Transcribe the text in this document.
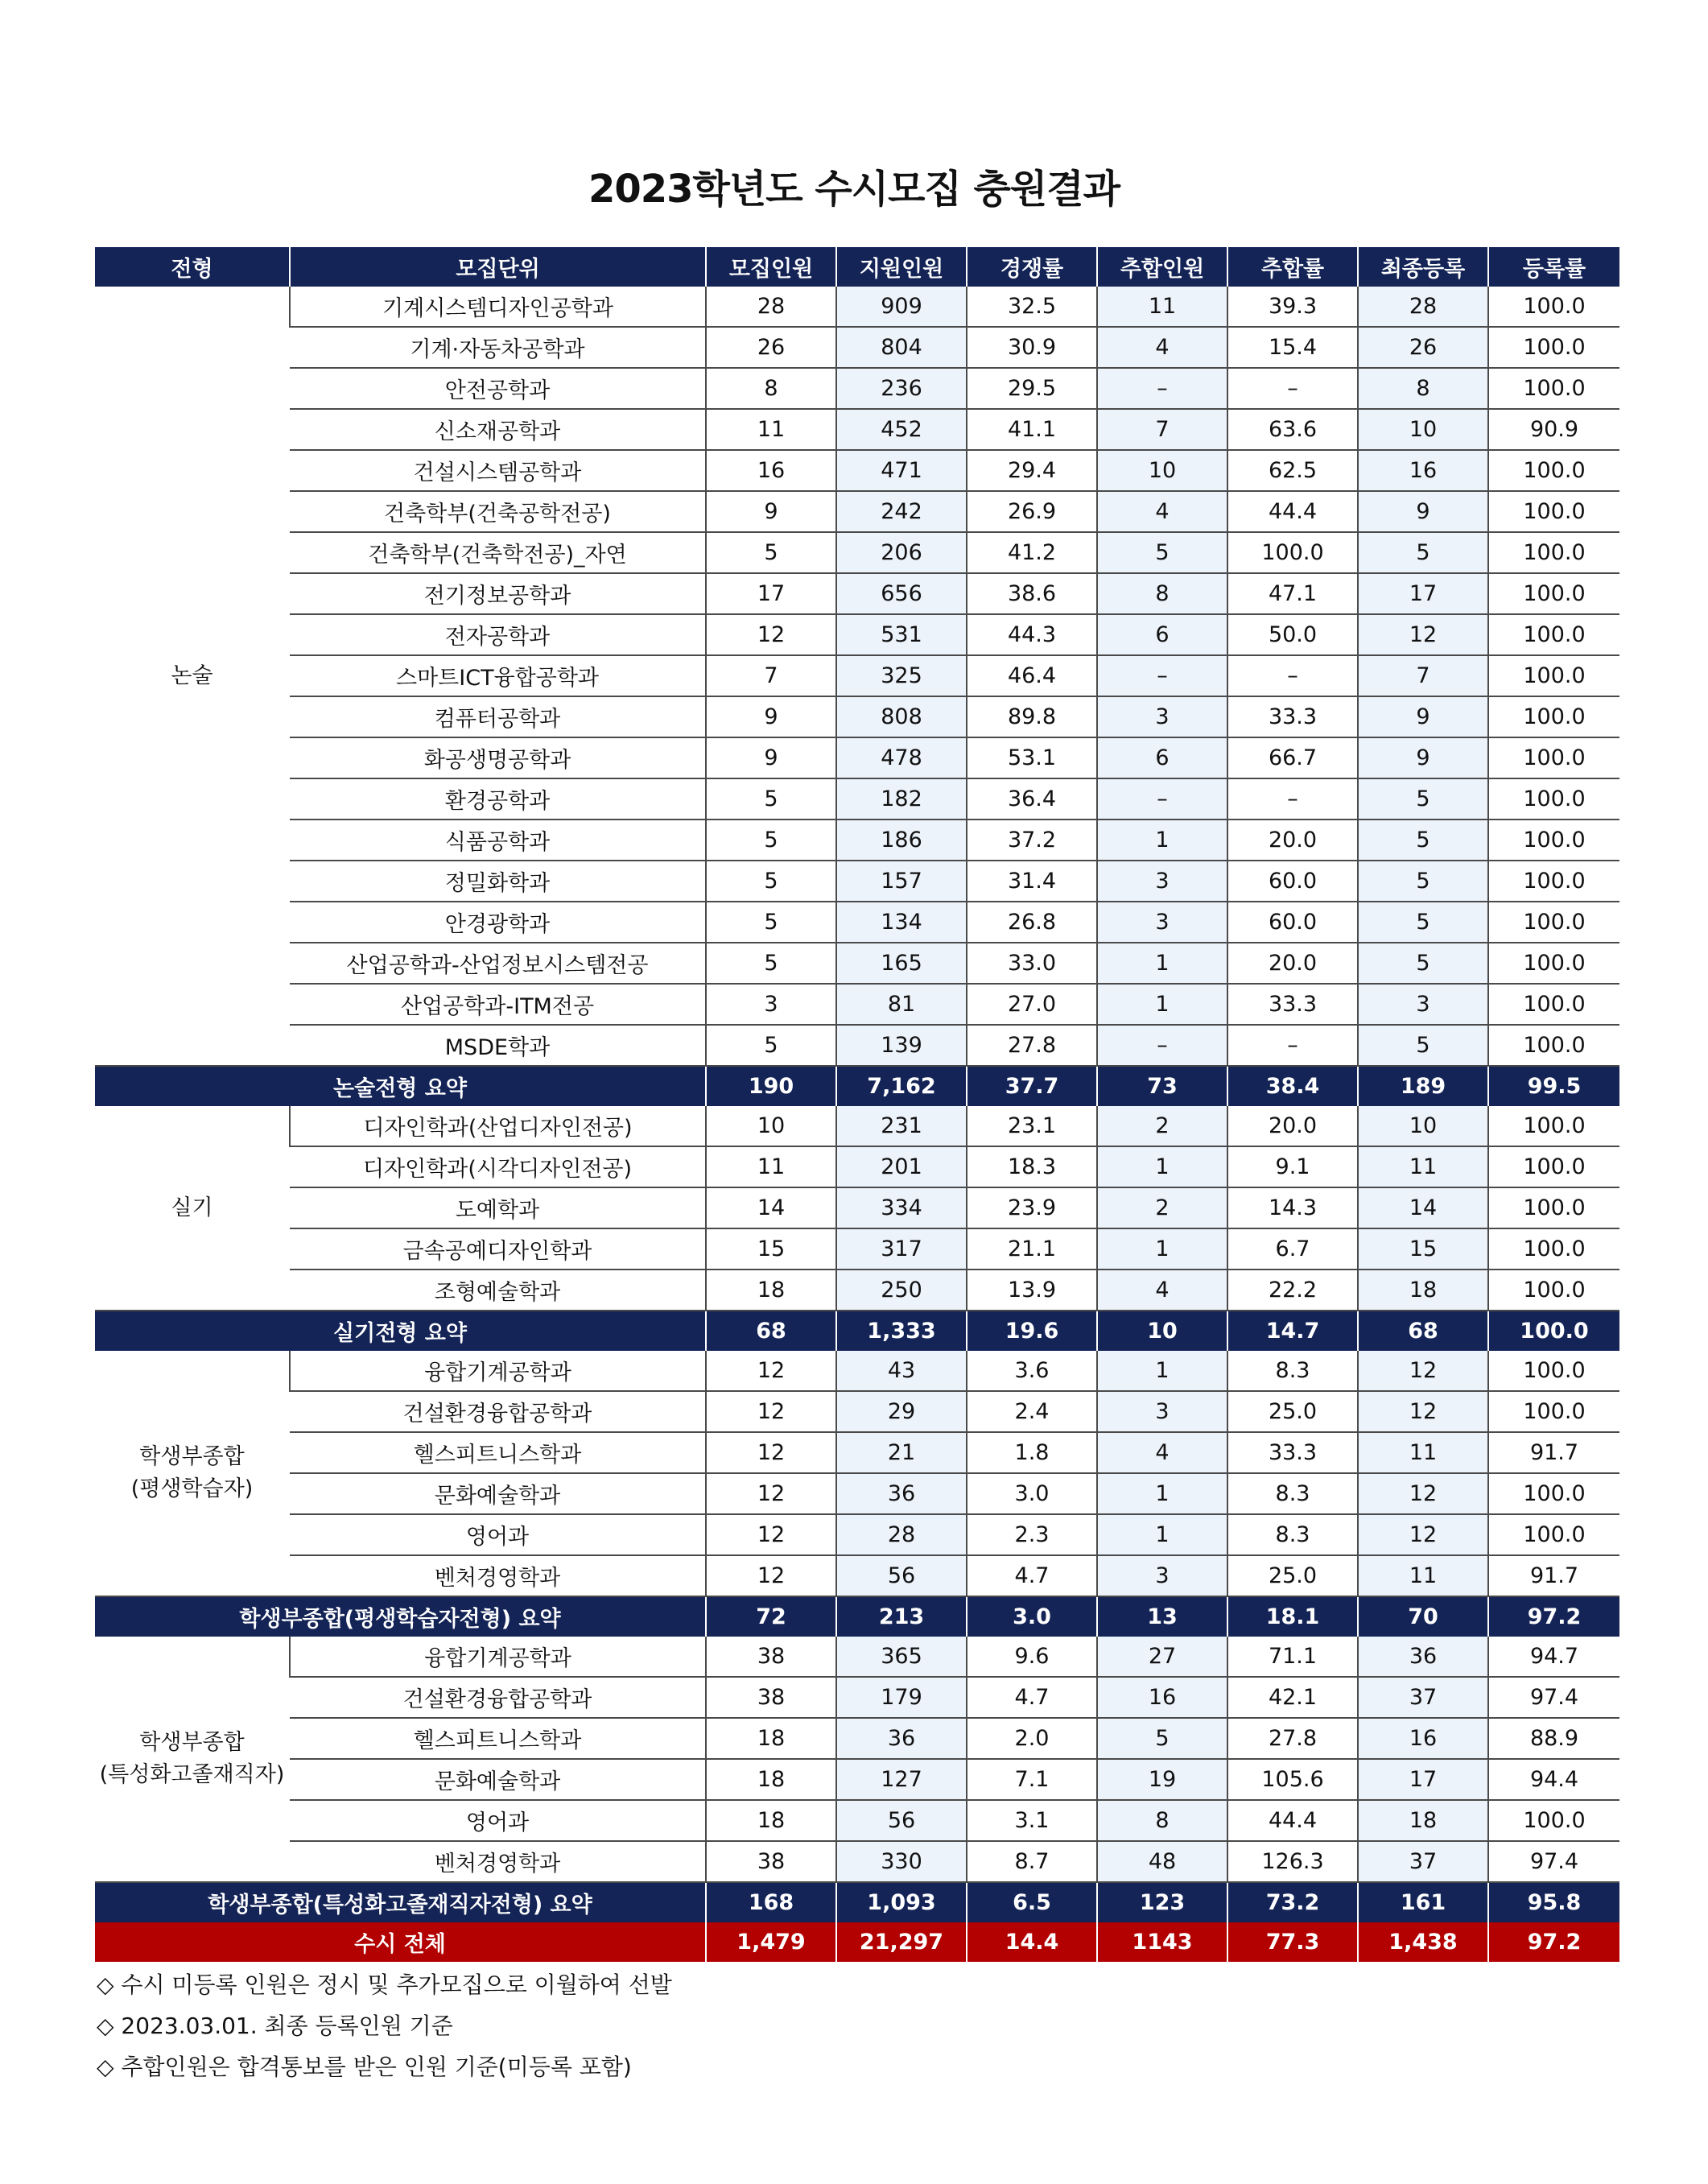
2023학년도 수시모집 충원결과
전형	모집단위	모집인원	지원인원	경쟁률	추합인원	추합률	최종등록	등록률

논술	기계시스템디자인공학과	28	909	32.5	11	39.3	28	100.0
	기계·자동차공학과	26	804	30.9	4	15.4	26	100.0
	안전공학과	8	236	29.5	–	–	8	100.0
	신소재공학과	11	452	41.1	7	63.6	10	90.9
	건설시스템공학과	16	471	29.4	10	62.5	16	100.0
	건축학부(건축공학전공)	9	242	26.9	4	44.4	9	100.0
	건축학부(건축학전공)_자연	5	206	41.2	5	100.0	5	100.0
	전기정보공학과	17	656	38.6	8	47.1	17	100.0
	전자공학과	12	531	44.3	6	50.0	12	100.0
	스마트ICT융합공학과	7	325	46.4	–	–	7	100.0
	컴퓨터공학과	9	808	89.8	3	33.3	9	100.0
	화공생명공학과	9	478	53.1	6	66.7	9	100.0
	환경공학과	5	182	36.4	–	–	5	100.0
	식품공학과	5	186	37.2	1	20.0	5	100.0
	정밀화학과	5	157	31.4	3	60.0	5	100.0
	안경광학과	5	134	26.8	3	60.0	5	100.0
	산업공학과-산업정보시스템전공	5	165	33.0	1	20.0	5	100.0
	산업공학과-ITM전공	3	81	27.0	1	33.3	3	100.0
	MSDE학과	5	139	27.8	–	–	5	100.0
논술전형 요약		190	7,162	37.7	73	38.4	189	99.5

실기	디자인학과(산업디자인전공)	10	231	23.1	2	20.0	10	100.0
	디자인학과(시각디자인전공)	11	201	18.3	1	9.1	11	100.0
	도예학과	14	334	23.9	2	14.3	14	100.0
	금속공예디자인학과	15	317	21.1	1	6.7	15	100.0
	조형예술학과	18	250	13.9	4	22.2	18	100.0
실기전형 요약		68	1,333	19.6	10	14.7	68	100.0

학생부종합
(평생학습자)	융합기계공학과	12	43	3.6	1	8.3	12	100.0
	건설환경융합공학과	12	29	2.4	3	25.0	12	100.0
	헬스피트니스학과	12	21	1.8	4	33.3	11	91.7
	문화예술학과	12	36	3.0	1	8.3	12	100.0
	영어과	12	28	2.3	1	8.3	12	100.0
	벤처경영학과	12	56	4.7	3	25.0	11	91.7
학생부종합(평생학습자전형) 요약		72	213	3.0	13	18.1	70	97.2

학생부종합
(특성화고졸재직자)	융합기계공학과	38	365	9.6	27	71.1	36	94.7
	건설환경융합공학과	38	179	4.7	16	42.1	37	97.4
	헬스피트니스학과	18	36	2.0	5	27.8	16	88.9
	문화예술학과	18	127	7.1	19	105.6	17	94.4
	영어과	18	56	3.1	8	44.4	18	100.0
	벤처경영학과	38	330	8.7	48	126.3	37	97.4
학생부종합(특성화고졸재직자전형) 요약		168	1,093	6.5	123	73.2	161	95.8
수시 전체		1,479	21,297	14.4	1143	77.3	1,438	97.2
◇ 수시 미등록 인원은 정시 및 추가모집으로 이월하여 선발
◇ 2023.03.01. 최종 등록인원 기준
◇ 추합인원은 합격통보를 받은 인원 기준(미등록 포함)
